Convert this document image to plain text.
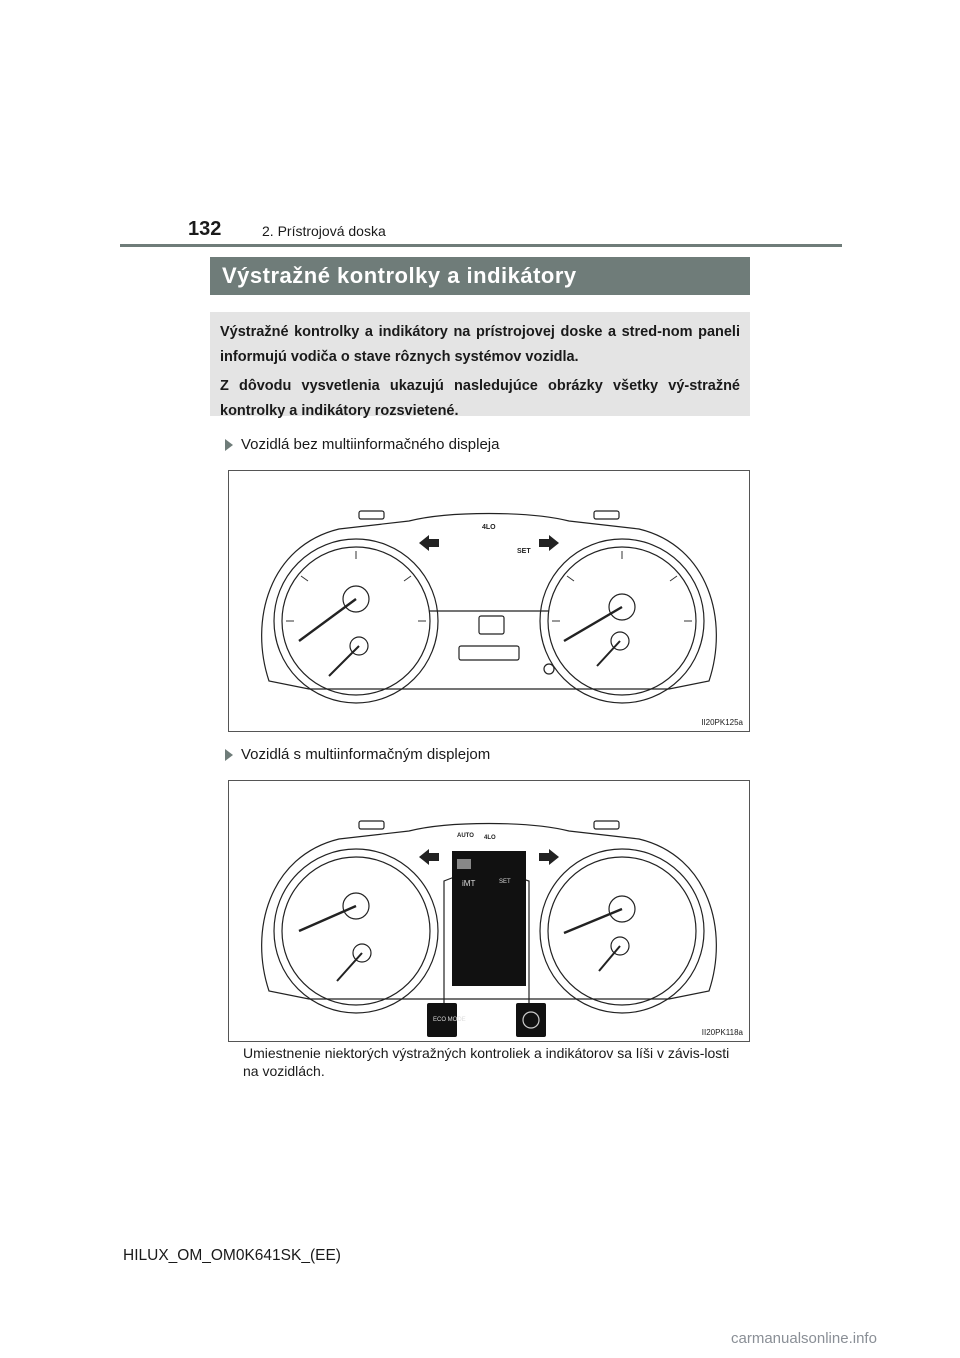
132	2. Prístrojová doska
Výstražné kontrolky a indikátory

Výstražné kontrolky a indikátory na prístrojovej doske a stred-nom paneli informujú vodiča o stave rôznych systémov vozidla.

Z dôvodu vysvetlenia ukazujú nasledujúce obrázky všetky vý-stražné kontrolky a indikátory rozsvietené.

Vozidlá bez multiinformačného displeja
4LO
SET
II20PK125a
Vozidlá s multiinformačným displejom
ECO MODE
AUTO 4LO
iMT	SET
II20PK118a
Umiestnenie niektorých výstražných kontroliek a indikátorov sa líši v závis-losti na vozidlách.
HILUX_OM_OM0K641SK_(EE)
carmanualsonline.info
